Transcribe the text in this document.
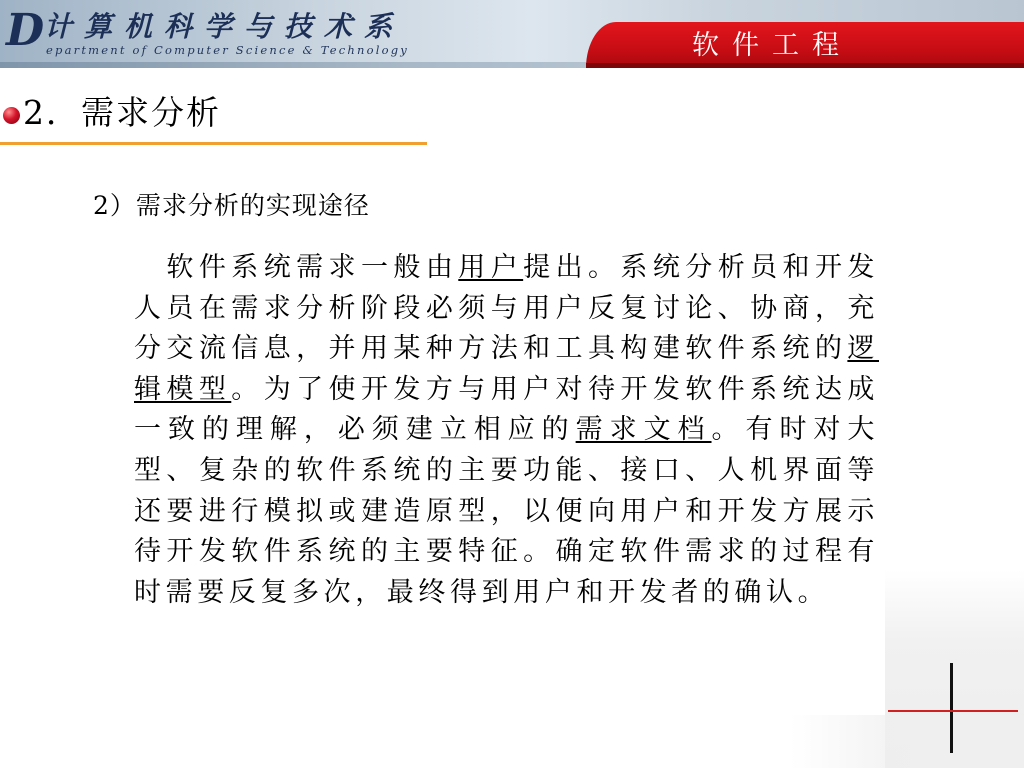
D 计算机科学与技术系
epartment of Computer Science & Technology	软件工程
2．需求分析
2）需求分析的实现途径
　软件系统需求一般由用户提出。系统分析员和开发人员在需求分析阶段必须与用户反复讨论、协商，充分交流信息，并用某种方法和工具构建软件系统的逻辑模型。为了使开发方与用户对待开发软件系统达成一致的理解，必须建立相应的需求文档。有时对大型、复杂的软件系统的主要功能、接口、人机界面等还要进行模拟或建造原型，以便向用户和开发方展示待开发软件系统的主要特征。确定软件需求的过程有时需要反复多次，最终得到用户和开发者的确认。
